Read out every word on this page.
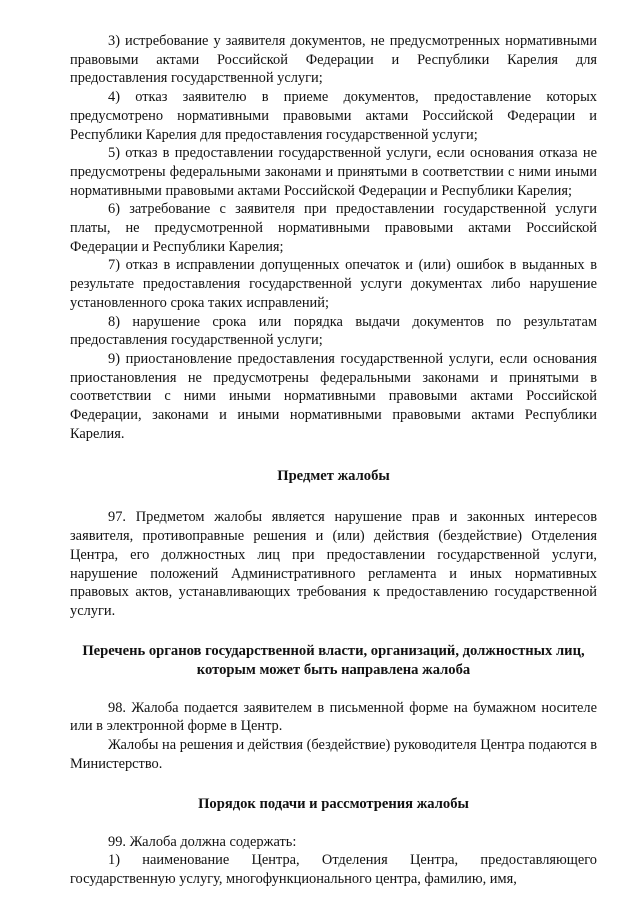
3) истребование у заявителя документов, не предусмотренных нормативными правовыми актами Российской Федерации и Республики Карелия для предоставления государственной услуги;

4) отказ заявителю в приеме документов, предоставление которых предусмотрено нормативными правовыми актами Российской Федерации и Республики Карелия для предоставления государственной услуги;

5) отказ в предоставлении государственной услуги, если основания отказа не предусмотрены федеральными законами и принятыми в соответствии с ними иными нормативными правовыми актами Российской Федерации и Республики Карелия;

6) затребование с заявителя при предоставлении государственной услуги платы, не предусмотренной нормативными правовыми актами Российской Федерации и Республики Карелия;

7) отказ в исправлении допущенных опечаток и (или) ошибок в выданных в результате предоставления государственной услуги документах либо нарушение установленного срока таких исправлений;

8) нарушение срока или порядка выдачи документов по результатам предоставления государственной услуги;

9) приостановление предоставления государственной услуги, если основания приостановления не предусмотрены федеральными законами и принятыми в соответствии с ними иными нормативными правовыми актами Российской Федерации, законами и иными нормативными правовыми актами Республики Карелия.

Предмет жалобы

97. Предметом жалобы является нарушение прав и законных интересов заявителя, противоправные решения и (или) действия (бездействие) Отделения Центра, его должностных лиц при предоставлении государственной услуги, нарушение положений Административного регламента и иных нормативных правовых актов, устанавливающих требования к предоставлению государственной услуги.

Перечень органов государственной власти, организаций, должностных лиц, которым может быть направлена жалоба

98. Жалоба подается заявителем в письменной форме на бумажном носителе или в электронной форме в Центр.

Жалобы на решения и действия (бездействие) руководителя Центра подаются в Министерство.

Порядок подачи и рассмотрения жалобы

99. Жалоба должна содержать:

1) наименование Центра, Отделения Центра, предоставляющего государственную услугу, многофункционального центра, фамилию, имя,
